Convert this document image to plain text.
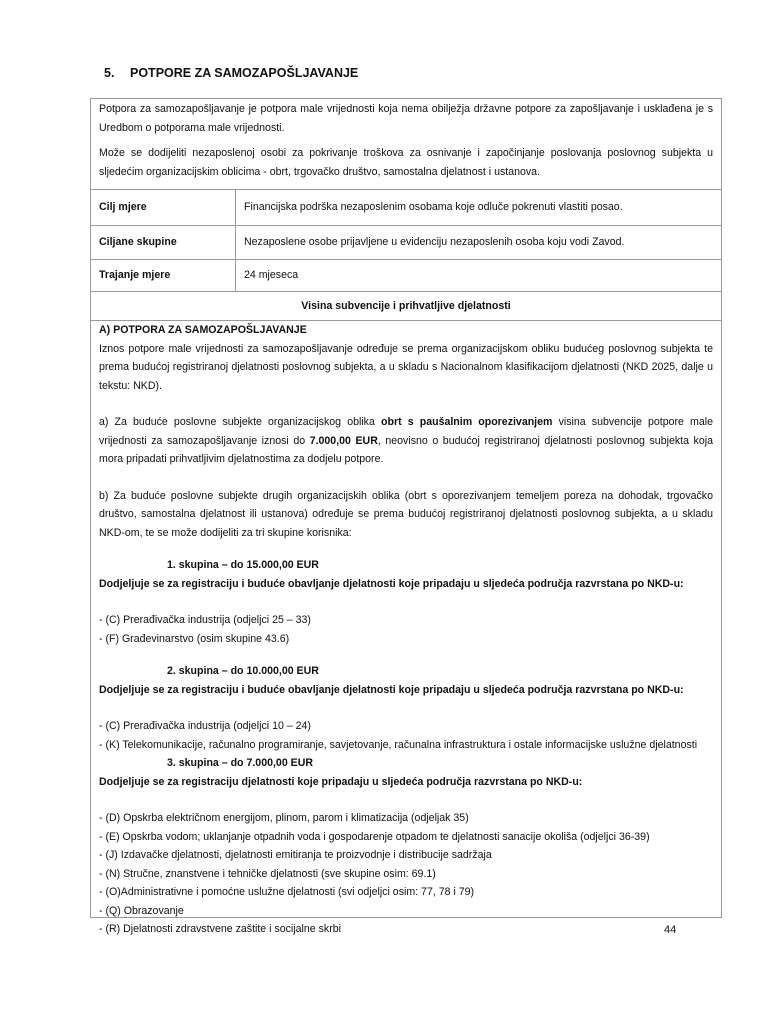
5. POTPORE ZA SAMOZAPOŠLJAVANJE

Potpora za samozapošljavanje je potpora male vrijednosti koja nema obilježja državne potpore za zapošljavanje i usklađena je s Uredbom o potporama male vrijednosti.

Može se dodijeliti nezaposlenoj osobi za pokrivanje troškova za osnivanje i započinjanje poslovanja poslovnog subjekta u sljedećim organizacijskim oblicima - obrt, trgovačko društvo, samostalna djelatnost i ustanova.

Cilj mjere	Financijska podrška nezaposlenim osobama koje odluče pokrenuti vlastiti posao.
Ciljane skupine	Nezaposlene osobe prijavljene u evidenciju nezaposlenih osoba koju vodi Zavod.
Trajanje mjere	24 mjeseca
Visina subvencije i prihvatljive djelatnosti

A) POTPORA ZA SAMOZAPOŠLJAVANJE

Iznos potpore male vrijednosti za samozapošljavanje određuje se prema organizacijskom obliku budućeg poslovnog subjekta te prema budućoj registriranoj djelatnosti poslovnog subjekta, a u skladu s Nacionalnom klasifikacijom djelatnosti (NKD 2025, dalje u tekstu: NKD).

a) Za buduće poslovne subjekte organizacijskog oblika obrt s paušalnim oporezivanjem visina subvencije potpore male vrijednosti za samozapošljavanje iznosi do 7.000,00 EUR, neovisno o budućoj registriranoj djelatnosti poslovnog subjekta koja mora pripadati prihvatljivim djelatnostima za dodjelu potpore.

b) Za buduće poslovne subjekte drugih organizacijskih oblika (obrt s oporezivanjem temeljem poreza na dohodak, trgovačko društvo, samostalna djelatnost ili ustanova) određuje se prema budućoj registriranoj djelatnosti poslovnog subjekta, a u skladu NKD-om, te se može dodijeliti za tri skupine korisnika:

1. skupina – do 15.000,00 EUR

Dodjeljuje se za registraciju i buduće obavljanje djelatnosti koje pripadaju u sljedeća područja razvrstana po NKD-u:

- (C) Prerađivačka industrija (odjeljci 25 – 33)

- (F) Građevinarstvo (osim skupine 43.6)

2. skupina – do 10.000,00 EUR

Dodjeljuje se za registraciju i buduće obavljanje djelatnosti koje pripadaju u sljedeća područja razvrstana po NKD-u:

- (C) Prerađivačka industrija (odjeljci 10 – 24)

- (K) Telekomunikacije, računalno programiranje, savjetovanje, računalna infrastruktura i ostale informacijske uslužne djelatnosti

3. skupina – do 7.000,00 EUR

Dodjeljuje se za registraciju djelatnosti koje pripadaju u sljedeća područja razvrstana po NKD-u:

- (D) Opskrba električnom energijom, plinom, parom i klimatizacija (odjeljak 35)

- (E) Opskrba vodom; uklanjanje otpadnih voda i gospodarenje otpadom te djelatnosti sanacije okoliša (odjeljci 36-39)

- (J) Izdavačke djelatnosti, djelatnosti emitiranja te proizvodnje i distribucije sadržaja

- (N) Stručne, znanstvene i tehničke djelatnosti (sve skupine osim: 69.1)

- (O)Administrativne i pomoćne uslužne djelatnosti (svi odjeljci osim: 77, 78 i 79)

- (Q) Obrazovanje

- (R) Djelatnosti zdravstvene zaštite i socijalne skrbi	44
